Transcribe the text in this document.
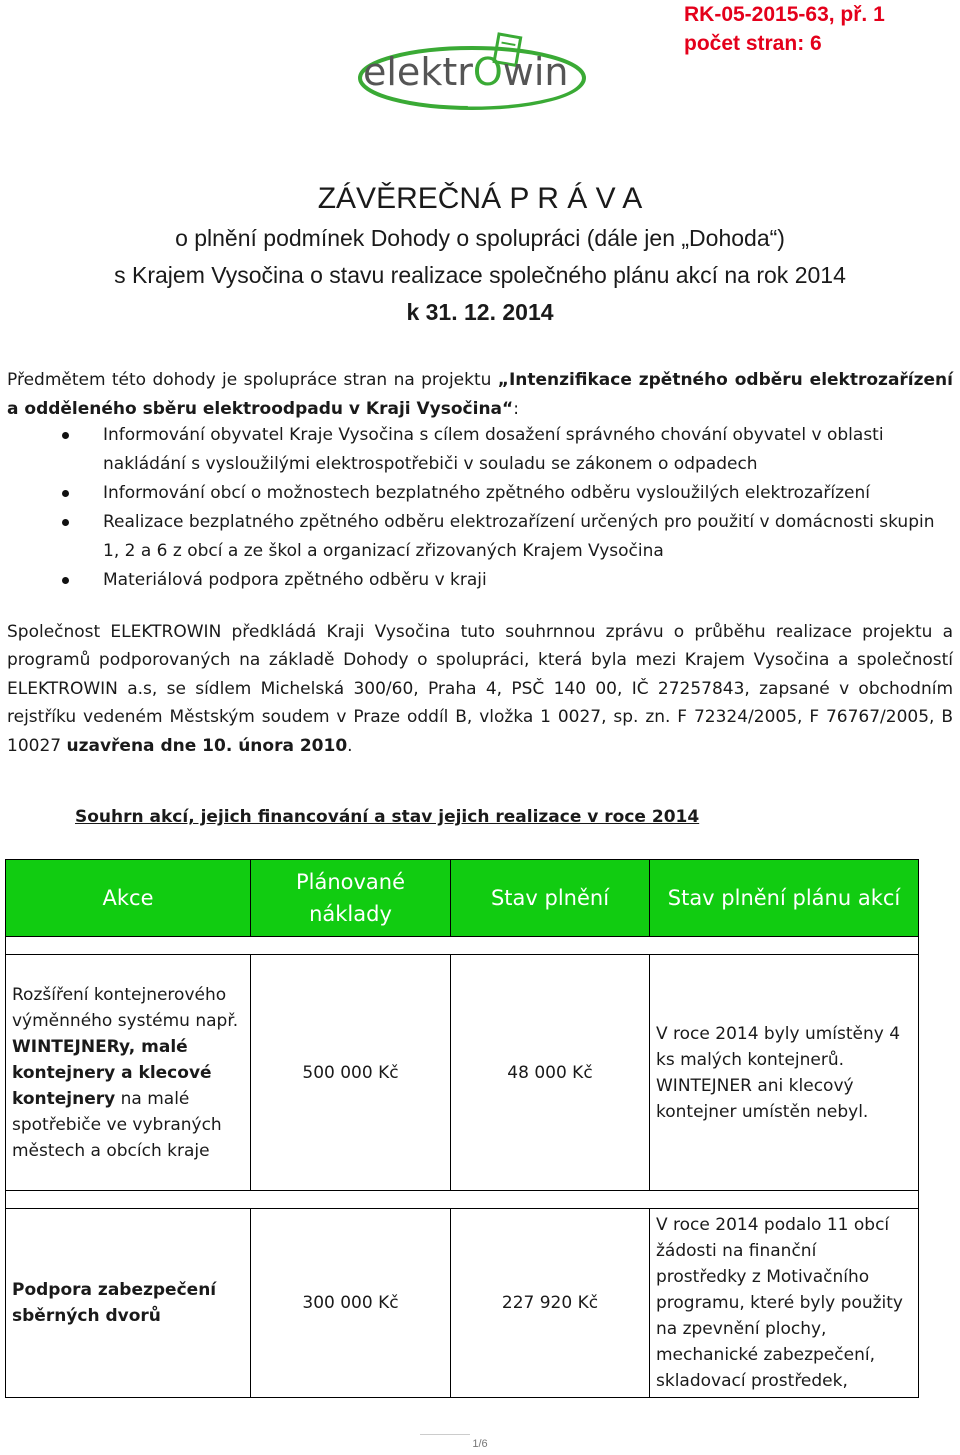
RK-05-2015-63, př. 1
počet stran: 6
elektrOwin
ZÁVĚREČNÁ P R Á V A
o plnění podmínek Dohody o spolupráci (dále jen „Dohoda“)
s Krajem Vysočina o stavu realizace společného plánu akcí na rok 2014
k 31. 12. 2014
Předmětem této dohody je spolupráce stran na projektu „Intenzifikace zpětného odběru elektrozařízení a odděleného sběru elektroodpadu v Kraji Vysočina“:
Informování obyvatel Kraje Vysočina s cílem dosažení správného chování obyvatel v oblasti nakládání s vysloužilými elektrospotřebiči v souladu se zákonem o odpadech
Informování obcí o možnostech bezplatného zpětného odběru vysloužilých elektrozařízení
Realizace bezplatného zpětného odběru elektrozařízení určených pro použití v domácnosti skupin 1, 2 a 6 z obcí a ze škol a organizací zřizovaných Krajem Vysočina
Materiálová podpora zpětného odběru v kraji
Společnost ELEKTROWIN předkládá Kraji Vysočina tuto souhrnnou zprávu o průběhu realizace projektu a programů podporovaných na základě Dohody o spolupráci, která byla mezi Krajem Vysočina a společností ELEKTROWIN a.s, se sídlem Michelská 300/60, Praha 4, PSČ 140 00, IČ 27257843, zapsané v obchodním rejstříku vedeném Městským soudem v Praze oddíl B, vložka 1 0027, sp. zn. F 72324/2005, F 76767/2005, B 10027 uzavřena dne 10. února 2010.
Souhrn akcí, jejich financování a stav jejich realizace v roce 2014
Akce	Plánované náklady	Stav plnění	Stav plnění plánu akcí

Rozšíření kontejnerového výměnného systému např. WINTEJNERy, malé kontejnery a klecové kontejnery na malé spotřebiče ve vybraných městech a obcích kraje	500 000 Kč	48 000 Kč	V roce 2014 byly umístěny 4 ks malých kontejnerů. WINTEJNER ani klecový kontejner umístěn nebyl.

Podpora zabezpečení sběrných dvorů	300 000 Kč	227 920 Kč	V roce 2014 podalo 11 obcí žádosti na finanční prostředky z Motivačního programu, které byly použity na zpevnění plochy, mechanické zabezpečení, skladovací prostředek,
1/6
